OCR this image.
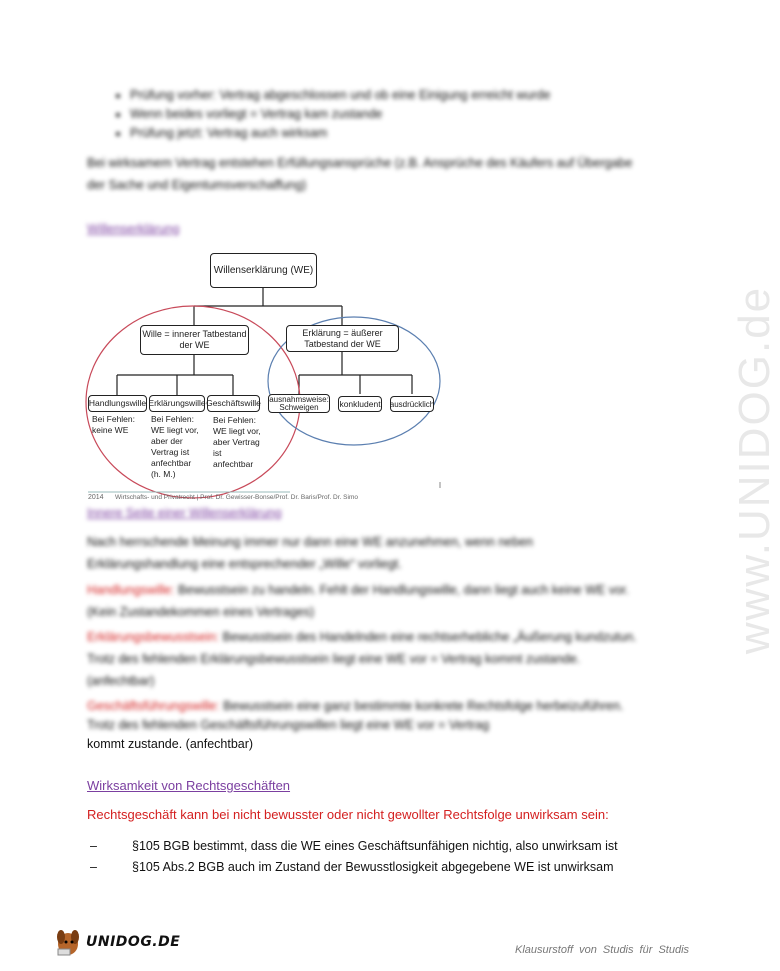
www.UNIDOG.de
• Prüfung vorher: Vertrag abgeschlossen und ob eine Einigung erreicht wurde
• Wenn beides vorliegt = Vertrag kam zustande
• Prüfung jetzt: Vertrag auch wirksam
Bei wirksamem Vertrag entstehen Erfüllungsansprüche (z.B. Ansprüche des Käufers auf Übergabe der Sache und Eigentumsverschaffung)
Willenserklärung
Willenserklärung (WE)
Wille = innerer Tatbestand der WE
Erklärung = äußerer Tatbestand der WE
Handlungswille Erklärungswille Geschäftswille ausnahmsweise: Schweigen	konkludent ausdrücklich
Bei Fehlen: keine WE
Bei Fehlen: WE liegt vor, aber der Vertrag ist anfechtbar (h. M.)
Bei Fehlen: WE liegt vor, aber Vertrag ist anfechtbar
2014 Wirtschafts- und Privatrecht | Prof. Dr. Gewisser-Bonse/Prof. Dr. Baris/Prof. Dr. Simo
Innere Seite einer Willenserklärung
Nach herrschende Meinung immer nur dann eine WE anzunehmen, wenn neben Erklärungshandlung eine entsprechender „Wille“ vorliegt.
Handlungswille: Bewusstsein zu handeln. Fehlt der Handlungswille, dann liegt auch keine WE vor. (Kein Zustandekommen eines Vertrages)
Erklärungsbewusstsein: Bewusstsein des Handelnden eine rechtserhebliche „Äußerung kundzutun. Trotz des fehlenden Erklärungsbewusstsein liegt eine WE vor = Vertrag kommt zustande. (anfechtbar)
Geschäftsführungswille: Bewusstsein eine ganz bestimmte konkrete Rechtsfolge herbeizuführen. Trotz des fehlenden Geschäftsführungswillen liegt eine WE vor = Vertrag
kommt zustande. (anfechtbar)
Wirksamkeit von Rechtsgeschäften
Rechtsgeschäft kann bei nicht bewusster oder nicht gewollter Rechtsfolge unwirksam sein:
–	§105 BGB bestimmt, dass die WE eines Geschäftsunfähigen nichtig, also unwirksam ist
–	§105 Abs.2 BGB auch im Zustand der Bewusstlosigkeit abgegebene WE ist unwirksam
UNIDOG.DE	Klausurstoff von Studis für Studis
